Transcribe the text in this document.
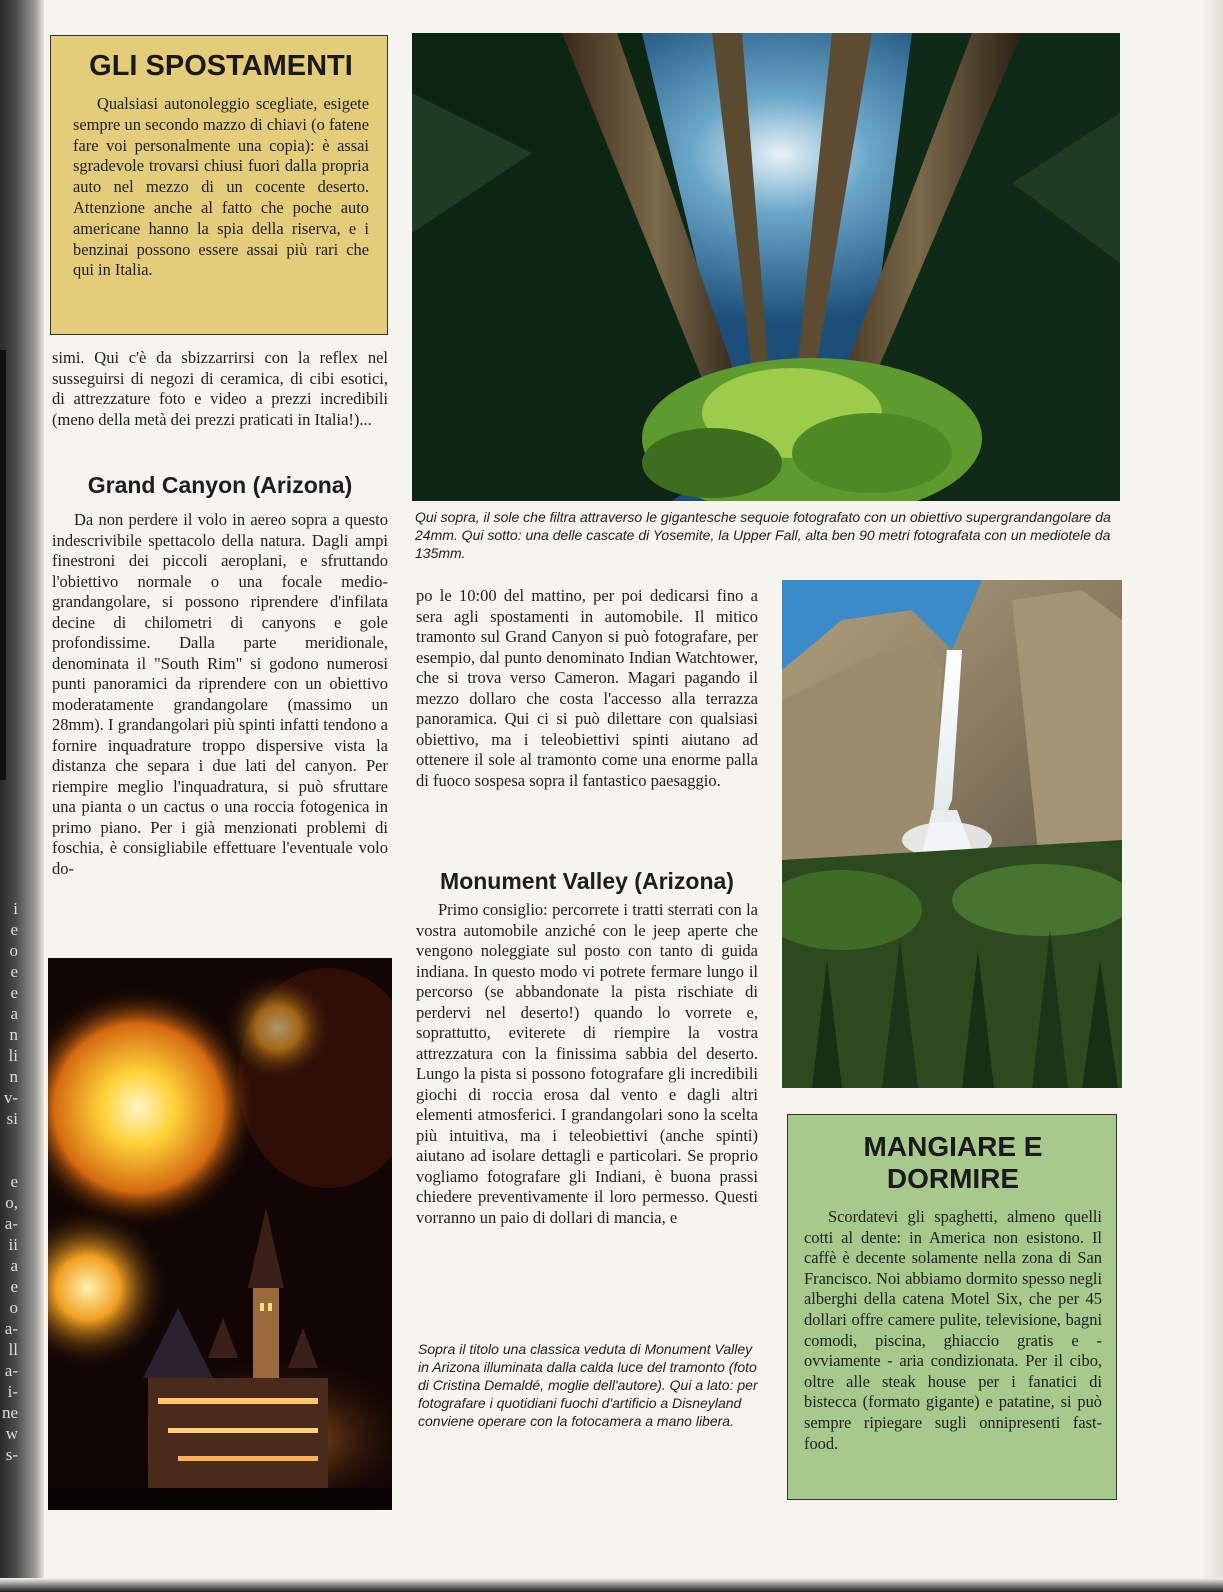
i
e
o
e
e
a
n
li
n
v-
si

e
o,
a-
ii
a
e
o
a-
ll
a-
i-
ne
w
s-
GLI SPOSTAMENTI

Qualsiasi autonoleggio scegliate, esigete sempre un secondo mazzo di chiavi (o fatene fare voi personalmente una copia): è assai sgradevole trovarsi chiusi fuori dalla propria auto nel mezzo di un cocente deserto. Attenzione anche al fatto che poche auto americane hanno la spia della riserva, e i benzinai possono essere assai più rari che qui in Italia.

simi. Qui c'è da sbizzarrirsi con la reflex nel susseguirsi di negozi di ceramica, di cibi esotici, di attrezzature foto e video a prezzi incredibili (meno della metà dei prezzi praticati in Italia!)...

Grand Canyon (Arizona)

Da non perdere il volo in aereo sopra a questo indescrivibile spettacolo della natura. Dagli ampi finestroni dei piccoli aeroplani, e sfruttando l'obiettivo normale o una focale medio-grandangolare, si possono riprendere d'infilata decine di chilometri di canyons e gole profondissime. Dalla parte meridionale, denominata il "South Rim" si godono numerosi punti panoramici da riprendere con un obiettivo moderatamente grandangolare (massimo un 28mm). I grandangolari più spinti infatti tendono a fornire inquadrature troppo dispersive vista la distanza che separa i due lati del canyon. Per riempire meglio l'inquadratura, si può sfruttare una pianta o un cactus o una roccia fotogenica in primo piano. Per i già menzionati problemi di foschia, è consigliabile effettuare l'eventuale volo do-

Qui sopra, il sole che filtra attraverso le gigantesche sequoie fotografato con un obiettivo supergrandangolare da 24mm. Qui sotto: una delle cascate di Yosemite, la Upper Fall, alta ben 90 metri fotografata con un mediotele da 135mm.

po le 10:00 del mattino, per poi dedicarsi fino a sera agli spostamenti in automobile. Il mitico tramonto sul Grand Canyon si può fotografare, per esempio, dal punto denominato Indian Watchtower, che si trova verso Cameron. Magari pagando il mezzo dollaro che costa l'accesso alla terrazza panoramica. Qui ci si può dilettare con qualsiasi obiettivo, ma i teleobiettivi spinti aiutano ad ottenere il sole al tramonto come una enorme palla di fuoco sospesa sopra il fantastico paesaggio.

Monument Valley (Arizona)

Primo consiglio: percorrete i tratti sterrati con la vostra automobile anziché con le jeep aperte che vengono noleggiate sul posto con tanto di guida indiana. In questo modo vi potrete fermare lungo il percorso (se abbandonate la pista rischiate di perdervi nel deserto!) quando lo vorrete e, soprattutto, eviterete di riempire la vostra attrezzatura con la finissima sabbia del deserto. Lungo la pista si possono fotografare gli incredibili giochi di roccia erosa dal vento e dagli altri elementi atmosferici. I grandangolari sono la scelta più intuitiva, ma i teleobiettivi (anche spinti) aiutano ad isolare dettagli e particolari. Se proprio vogliamo fotografare gli Indiani, è buona prassi chiedere preventivamente il loro permesso. Questi vorranno un paio di dollari di mancia, e

Sopra il titolo una classica veduta di Monument Valley in Arizona illuminata dalla calda luce del tramonto (foto di Cristina Demaldé, moglie dell'autore). Qui a lato: per fotografare i quotidiani fuochi d'artificio a Disneyland conviene operare con la fotocamera a mano libera.

MANGIARE E
DORMIRE

Scordatevi gli spaghetti, almeno quelli cotti al dente: in America non esistono. Il caffè è decente solamente nella zona di San Francisco. Noi abbiamo dormito spesso negli alberghi della catena Motel Six, che per 45 dollari offre camere pulite, televisione, bagni comodi, piscina, ghiaccio gratis e - ovviamente - aria condizionata. Per il cibo, oltre alle steak house per i fanatici di bistecca (formato gigante) e patatine, si può sempre ripiegare sugli onnipresenti fast-food.
